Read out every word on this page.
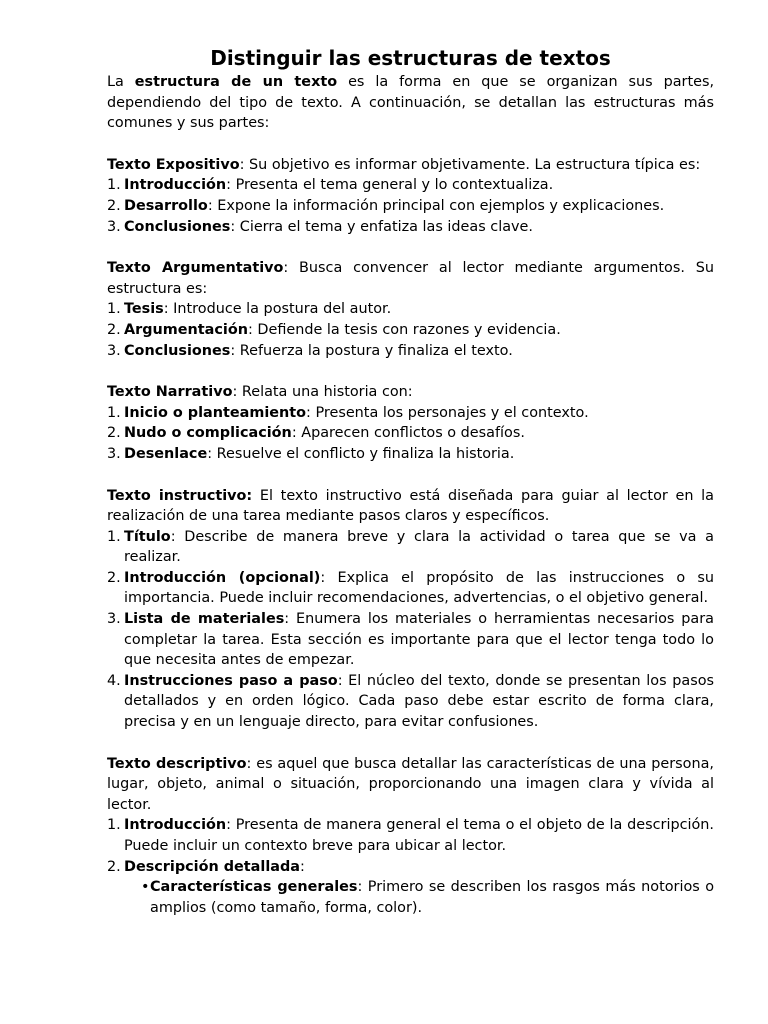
Distinguir las estructuras de textos

La estructura de un texto es la forma en que se organizan sus partes, dependiendo del tipo de texto. A continuación, se detallan las estructuras más comunes y sus partes:

Texto Expositivo: Su objetivo es informar objetivamente. La estructura típica es:

1. Introducción: Presenta el tema general y lo contextualiza.
2. Desarrollo: Expone la información principal con ejemplos y explicaciones.
3. Conclusiones: Cierra el tema y enfatiza las ideas clave.

Texto Argumentativo: Busca convencer al lector mediante argumentos. Su estructura es:

1. Tesis: Introduce la postura del autor.
2. Argumentación: Defiende la tesis con razones y evidencia.
3. Conclusiones: Refuerza la postura y finaliza el texto.

Texto Narrativo: Relata una historia con:

1. Inicio o planteamiento: Presenta los personajes y el contexto.
2. Nudo o complicación: Aparecen conflictos o desafíos.
3. Desenlace: Resuelve el conflicto y finaliza la historia.

Texto instructivo: El texto instructivo está diseñada para guiar al lector en la realización de una tarea mediante pasos claros y específicos.

1. Título: Describe de manera breve y clara la actividad o tarea que se va a realizar.
2. Introducción (opcional): Explica el propósito de las instrucciones o su importancia. Puede incluir recomendaciones, advertencias, o el objetivo general.
3. Lista de materiales: Enumera los materiales o herramientas necesarios para completar la tarea. Esta sección es importante para que el lector tenga todo lo que necesita antes de empezar.
4. Instrucciones paso a paso: El núcleo del texto, donde se presentan los pasos detallados y en orden lógico. Cada paso debe estar escrito de forma clara, precisa y en un lenguaje directo, para evitar confusiones.

Texto descriptivo: es aquel que busca detallar las características de una persona, lugar, objeto, animal o situación, proporcionando una imagen clara y vívida al lector.

1. Introducción: Presenta de manera general el tema o el objeto de la descripción. Puede incluir un contexto breve para ubicar al lector.
2. Descripción detallada:
• Características generales: Primero se describen los rasgos más notorios o amplios (como tamaño, forma, color).
